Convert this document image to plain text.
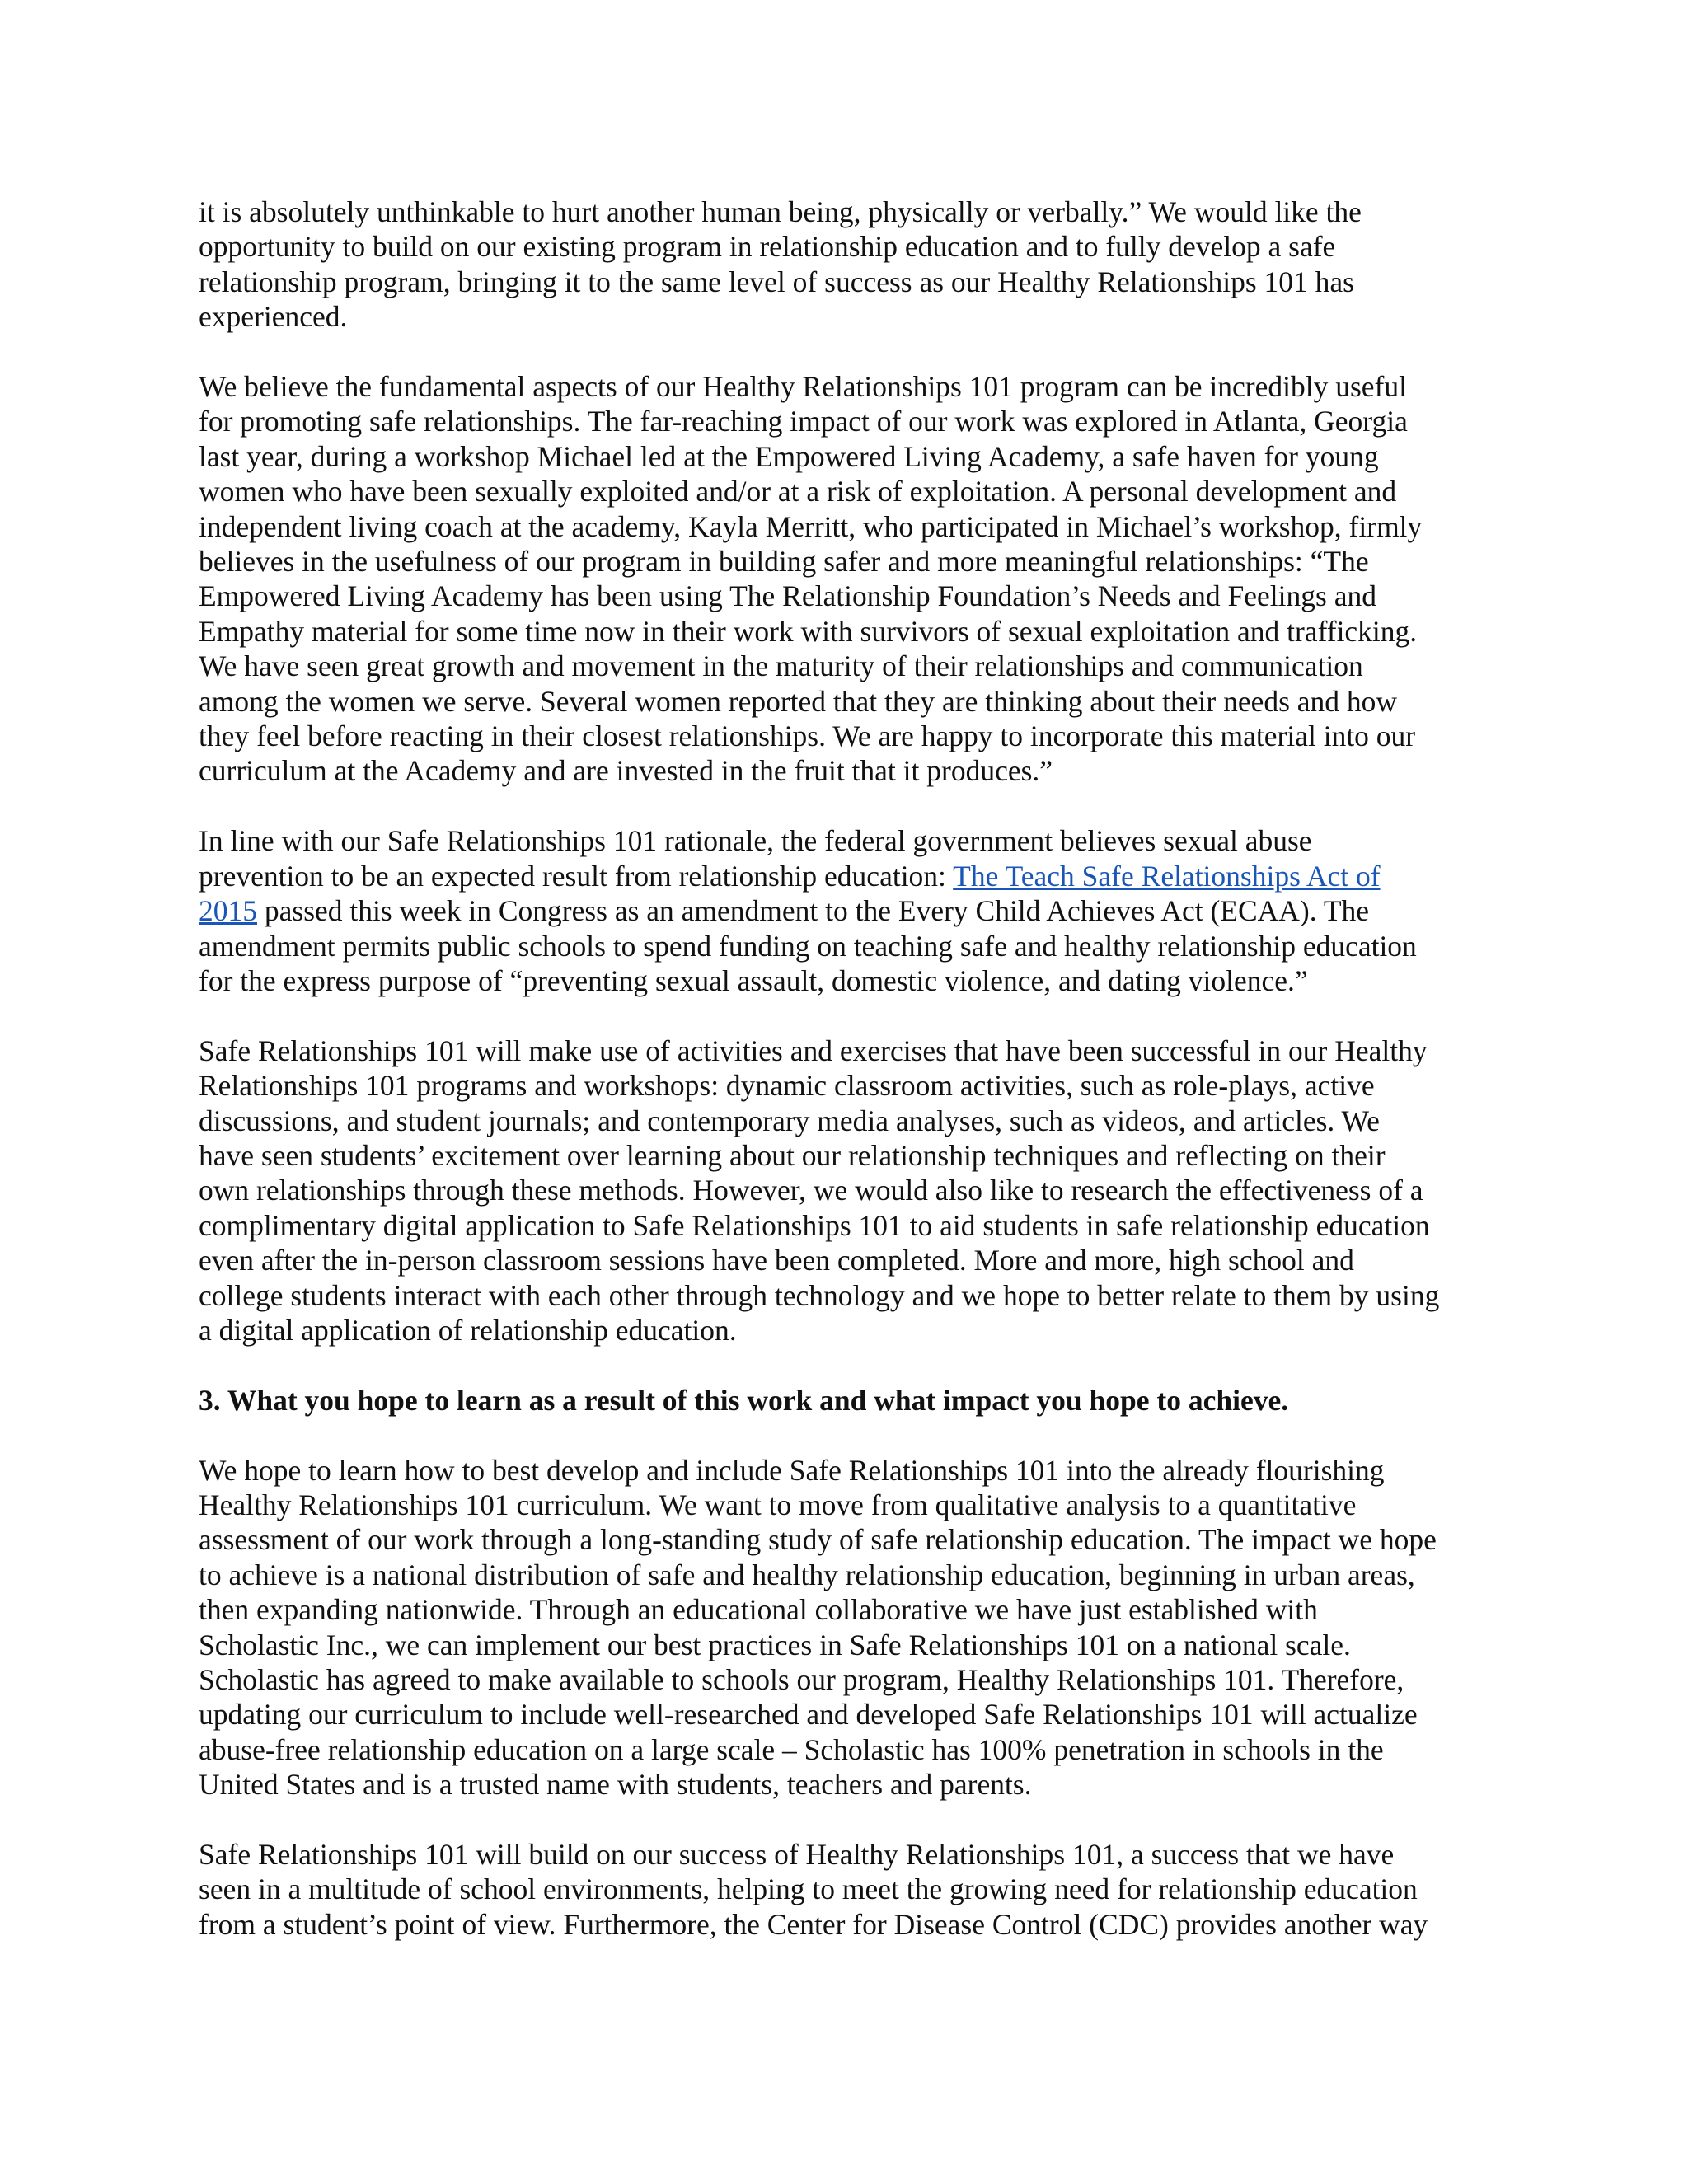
it is absolutely unthinkable to hurt another human being, physically or verbally.” We would like the
opportunity to build on our existing program in relationship education and to fully develop a safe
relationship program, bringing it to the same level of success as our Healthy Relationships 101 has
experienced.
We believe the fundamental aspects of our Healthy Relationships 101 program can be incredibly useful
for promoting safe relationships. The far-reaching impact of our work was explored in Atlanta, Georgia
last year, during a workshop Michael led at the Empowered Living Academy, a safe haven for young
women who have been sexually exploited and/or at a risk of exploitation. A personal development and
independent living coach at the academy, Kayla Merritt, who participated in Michael’s workshop, firmly
believes in the usefulness of our program in building safer and more meaningful relationships: “The
Empowered Living Academy has been using The Relationship Foundation’s Needs and Feelings and
Empathy material for some time now in their work with survivors of sexual exploitation and trafficking.
We have seen great growth and movement in the maturity of their relationships and communication
among the women we serve. Several women reported that they are thinking about their needs and how
they feel before reacting in their closest relationships. We are happy to incorporate this material into our
curriculum at the Academy and are invested in the fruit that it produces.”
In line with our Safe Relationships 101 rationale, the federal government believes sexual abuse
prevention to be an expected result from relationship education: The Teach Safe Relationships Act of
2015 passed this week in Congress as an amendment to the Every Child Achieves Act (ECAA). The
amendment permits public schools to spend funding on teaching safe and healthy relationship education
for the express purpose of “preventing sexual assault, domestic violence, and dating violence.”
Safe Relationships 101 will make use of activities and exercises that have been successful in our Healthy
Relationships 101 programs and workshops: dynamic classroom activities, such as role-plays, active
discussions, and student journals; and contemporary media analyses, such as videos, and articles. We
have seen students’ excitement over learning about our relationship techniques and reflecting on their
own relationships through these methods. However, we would also like to research the effectiveness of a
complimentary digital application to Safe Relationships 101 to aid students in safe relationship education
even after the in-person classroom sessions have been completed. More and more, high school and
college students interact with each other through technology and we hope to better relate to them by using
a digital application of relationship education.
3. What you hope to learn as a result of this work and what impact you hope to achieve.
We hope to learn how to best develop and include Safe Relationships 101 into the already flourishing
Healthy Relationships 101 curriculum. We want to move from qualitative analysis to a quantitative
assessment of our work through a long-standing study of safe relationship education. The impact we hope
to achieve is a national distribution of safe and healthy relationship education, beginning in urban areas,
then expanding nationwide. Through an educational collaborative we have just established with
Scholastic Inc., we can implement our best practices in Safe Relationships 101 on a national scale.
Scholastic has agreed to make available to schools our program, Healthy Relationships 101. Therefore,
updating our curriculum to include well-researched and developed Safe Relationships 101 will actualize
abuse-free relationship education on a large scale – Scholastic has 100% penetration in schools in the
United States and is a trusted name with students, teachers and parents.
Safe Relationships 101 will build on our success of Healthy Relationships 101, a success that we have
seen in a multitude of school environments, helping to meet the growing need for relationship education
from a student’s point of view. Furthermore, the Center for Disease Control (CDC) provides another way
